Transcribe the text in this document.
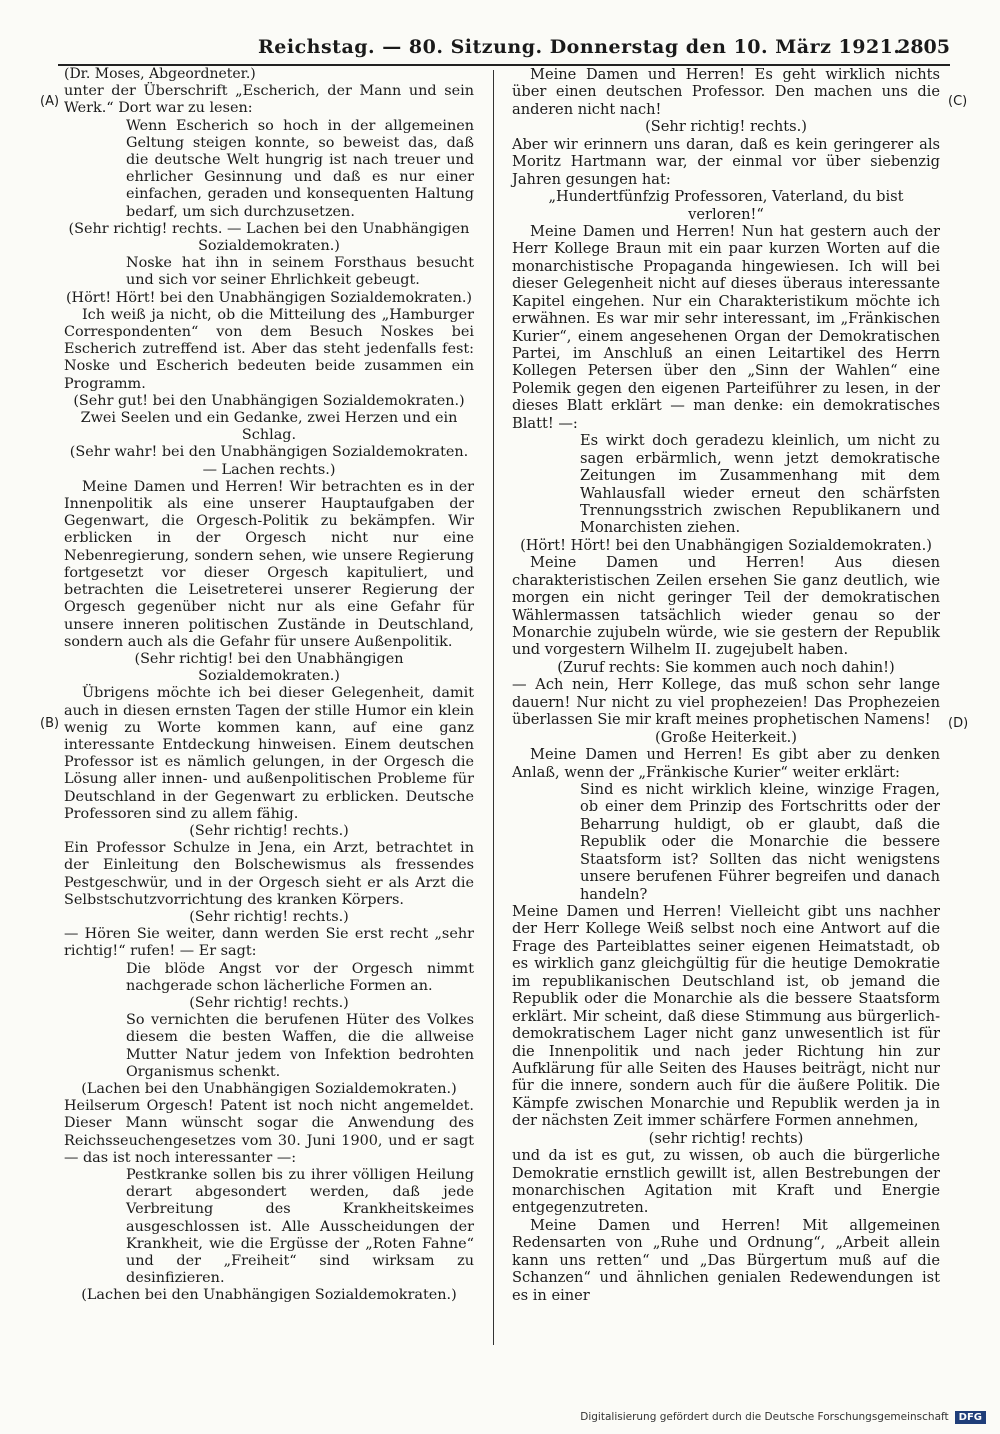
Reichstag. — 80. Sitzung. Donnerstag den 10. März 1921.
2805
(A)
(B)
(C)
(D)

(Dr. Moses, Abgeordneter.)

unter der Überschrift „Escherich, der Mann und sein Werk.“ Dort war zu lesen:

Wenn Escherich so hoch in der allgemeinen Geltung steigen konnte, so beweist das, daß die deutsche Welt hungrig ist nach treuer und ehrlicher Gesinnung und daß es nur einer einfachen, geraden und konsequenten Haltung bedarf, um sich durchzusetzen.

(Sehr richtig! rechts. — Lachen bei den Unabhängigen Sozialdemokraten.)

Noske hat ihn in seinem Forsthaus besucht und sich vor seiner Ehrlichkeit gebeugt.

(Hört! Hört! bei den Unabhängigen Sozialdemokraten.)

Ich weiß ja nicht, ob die Mitteilung des „Hamburger Correspondenten“ von dem Besuch Noskes bei Escherich zutreffend ist. Aber das steht jedenfalls fest: Noske und Escherich bedeuten beide zusammen ein Programm.

(Sehr gut! bei den Unabhängigen Sozialdemokraten.)

Zwei Seelen und ein Gedanke, zwei Herzen und ein Schlag.

(Sehr wahr! bei den Unabhängigen Sozialdemokraten. — Lachen rechts.)

Meine Damen und Herren! Wir betrachten es in der Innenpolitik als eine unserer Hauptaufgaben der Gegenwart, die Orgesch-Politik zu bekämpfen. Wir erblicken in der Orgesch nicht nur eine Nebenregierung, sondern sehen, wie unsere Regierung fortgesetzt vor dieser Orgesch kapituliert, und betrachten die Leisetreterei unserer Regierung der Orgesch gegenüber nicht nur als eine Gefahr für unsere inneren politischen Zustände in Deutschland, sondern auch als die Gefahr für unsere Außenpolitik.

(Sehr richtig! bei den Unabhängigen Sozialdemokraten.)

Übrigens möchte ich bei dieser Gelegenheit, damit auch in diesen ernsten Tagen der stille Humor ein klein wenig zu Worte kommen kann, auf eine ganz interessante Entdeckung hinweisen. Einem deutschen Professor ist es nämlich gelungen, in der Orgesch die Lösung aller innen- und außenpolitischen Probleme für Deutschland in der Gegenwart zu erblicken. Deutsche Professoren sind zu allem fähig.

(Sehr richtig! rechts.)

Ein Professor Schulze in Jena, ein Arzt, betrachtet in der Einleitung den Bolschewismus als fressendes Pestgeschwür, und in der Orgesch sieht er als Arzt die Selbstschutzvorrichtung des kranken Körpers.

(Sehr richtig! rechts.)

— Hören Sie weiter, dann werden Sie erst recht „sehr richtig!“ rufen! — Er sagt:

Die blöde Angst vor der Orgesch nimmt nachgerade schon lächerliche Formen an.

(Sehr richtig! rechts.)

So vernichten die berufenen Hüter des Volkes diesem die besten Waffen, die die allweise Mutter Natur jedem von Infektion bedrohten Organismus schenkt.

(Lachen bei den Unabhängigen Sozialdemokraten.)

Heilserum Orgesch! Patent ist noch nicht angemeldet. Dieser Mann wünscht sogar die Anwendung des Reichsseuchengesetzes vom 30. Juni 1900, und er sagt — das ist noch interessanter —:

Pestkranke sollen bis zu ihrer völligen Heilung derart abgesondert werden, daß jede Verbreitung des Krankheitskeimes ausgeschlossen ist. Alle Ausscheidungen der Krankheit, wie die Ergüsse der „Roten Fahne“ und der „Freiheit“ sind wirksam zu desinfizieren.

(Lachen bei den Unabhängigen Sozialdemokraten.)

Meine Damen und Herren! Es geht wirklich nichts über einen deutschen Professor. Den machen uns die anderen nicht nach!

(Sehr richtig! rechts.)

Aber wir erinnern uns daran, daß es kein geringerer als Moritz Hartmann war, der einmal vor über siebenzig Jahren gesungen hat:

„Hundertfünfzig Professoren, Vaterland, du bist verloren!“

Meine Damen und Herren! Nun hat gestern auch der Herr Kollege Braun mit ein paar kurzen Worten auf die monarchistische Propaganda hingewiesen. Ich will bei dieser Gelegenheit nicht auf dieses überaus interessante Kapitel eingehen. Nur ein Charakteristikum möchte ich erwähnen. Es war mir sehr interessant, im „Fränkischen Kurier“, einem angesehenen Organ der Demokratischen Partei, im Anschluß an einen Leitartikel des Herrn Kollegen Petersen über den „Sinn der Wahlen“ eine Polemik gegen den eigenen Parteiführer zu lesen, in der dieses Blatt erklärt — man denke: ein demokratisches Blatt! —:

Es wirkt doch geradezu kleinlich, um nicht zu sagen erbärmlich, wenn jetzt demokratische Zeitungen im Zusammenhang mit dem Wahlausfall wieder erneut den schärfsten Trennungsstrich zwischen Republikanern und Monarchisten ziehen.

(Hört! Hört! bei den Unabhängigen Sozialdemokraten.)

Meine Damen und Herren! Aus diesen charakteristischen Zeilen ersehen Sie ganz deutlich, wie morgen ein nicht geringer Teil der demokratischen Wählermassen tatsächlich wieder genau so der Monarchie zujubeln würde, wie sie gestern der Republik und vorgestern Wilhelm II. zugejubelt haben.

(Zuruf rechts: Sie kommen auch noch dahin!)

— Ach nein, Herr Kollege, das muß schon sehr lange dauern! Nur nicht zu viel prophezeien! Das Prophezeien überlassen Sie mir kraft meines prophetischen Namens!

(Große Heiterkeit.)

Meine Damen und Herren! Es gibt aber zu denken Anlaß, wenn der „Fränkische Kurier“ weiter erklärt:

Sind es nicht wirklich kleine, winzige Fragen, ob einer dem Prinzip des Fortschritts oder der Beharrung huldigt, ob er glaubt, daß die Republik oder die Monarchie die bessere Staatsform ist? Sollten das nicht wenigstens unsere berufenen Führer begreifen und danach handeln?

Meine Damen und Herren! Vielleicht gibt uns nachher der Herr Kollege Weiß selbst noch eine Antwort auf die Frage des Parteiblattes seiner eigenen Heimatstadt, ob es wirklich ganz gleichgültig für die heutige Demokratie im republikanischen Deutschland ist, ob jemand die Republik oder die Monarchie als die bessere Staatsform erklärt. Mir scheint, daß diese Stimmung aus bürgerlich-demokratischem Lager nicht ganz unwesentlich ist für die Innenpolitik und nach jeder Richtung hin zur Aufklärung für alle Seiten des Hauses beiträgt, nicht nur für die innere, sondern auch für die äußere Politik. Die Kämpfe zwischen Monarchie und Republik werden ja in der nächsten Zeit immer schärfere Formen annehmen,

(sehr richtig! rechts)

und da ist es gut, zu wissen, ob auch die bürgerliche Demokratie ernstlich gewillt ist, allen Bestrebungen der monarchischen Agitation mit Kraft und Energie entgegenzutreten.

Meine Damen und Herren! Mit allgemeinen Redensarten von „Ruhe und Ordnung“, „Arbeit allein kann uns retten“ und „Das Bürgertum muß auf die Schanzen“ und ähnlichen genialen Redewendungen ist es in einer

Digitalisierung gefördert durch die Deutsche Forschungsgemeinschaft	DFG
